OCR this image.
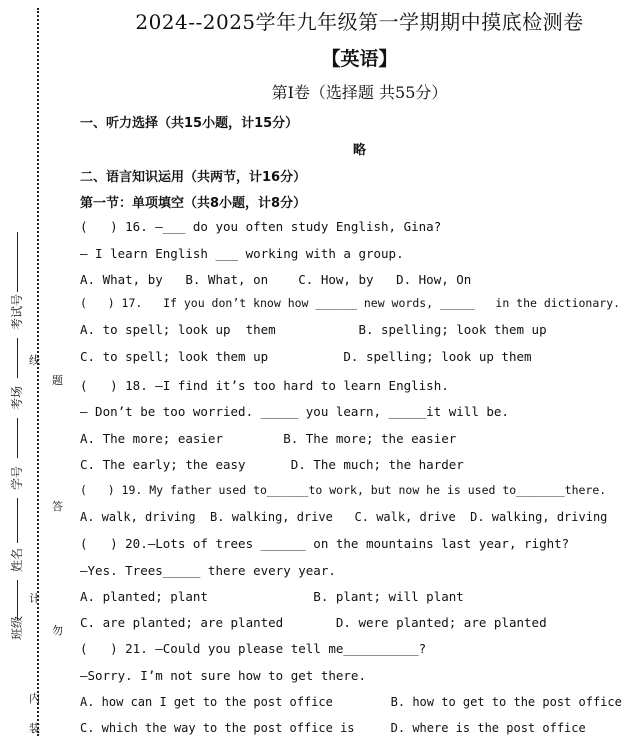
考试号
考场
学号
姓名
班级
线
题
答
计
勿
内
装
2024--2025学年九年级第一学期期中摸底检测卷
【英语】
第Ⅰ卷（选择题 共55分）
一、听力选择（共15小题，计15分）
略
二、语言知识运用（共两节，计16分）
第一节：单项填空（共8小题，计8分）
(   ) 16. —___ do you often study English, Gina?
— I learn English ___ working with a group.
A. What, by   B. What, on    C. How, by   D. How, On
(   ) 17.   If you don’t know how ______ new words, _____   in the dictionary.
A. to spell; look up  them           B. spelling; look them up
C. to spell; look them up          D. spelling; look up them
(   ) 18. —I find it’s too hard to learn English.
— Don’t be too worried. _____ you learn, _____it will be.
A. The more; easier        B. The more; the easier
C. The early; the easy      D. The much; the harder
(   ) 19. My father used to______to work, but now he is used to_______there.
A. walk, driving  B. walking, drive   C. walk, drive  D. walking, driving
(   ) 20.—Lots of trees ______ on the mountains last year, right?
—Yes. Trees_____ there every year.
A. planted; plant              B. plant; will plant
C. are planted; are planted       D. were planted; are planted
(   ) 21. —Could you please tell me__________?
—Sorry. I’m not sure how to get there.
A. how can I get to the post office        B. how to get to the post office
C. which the way to the post office is     D. where is the post office
